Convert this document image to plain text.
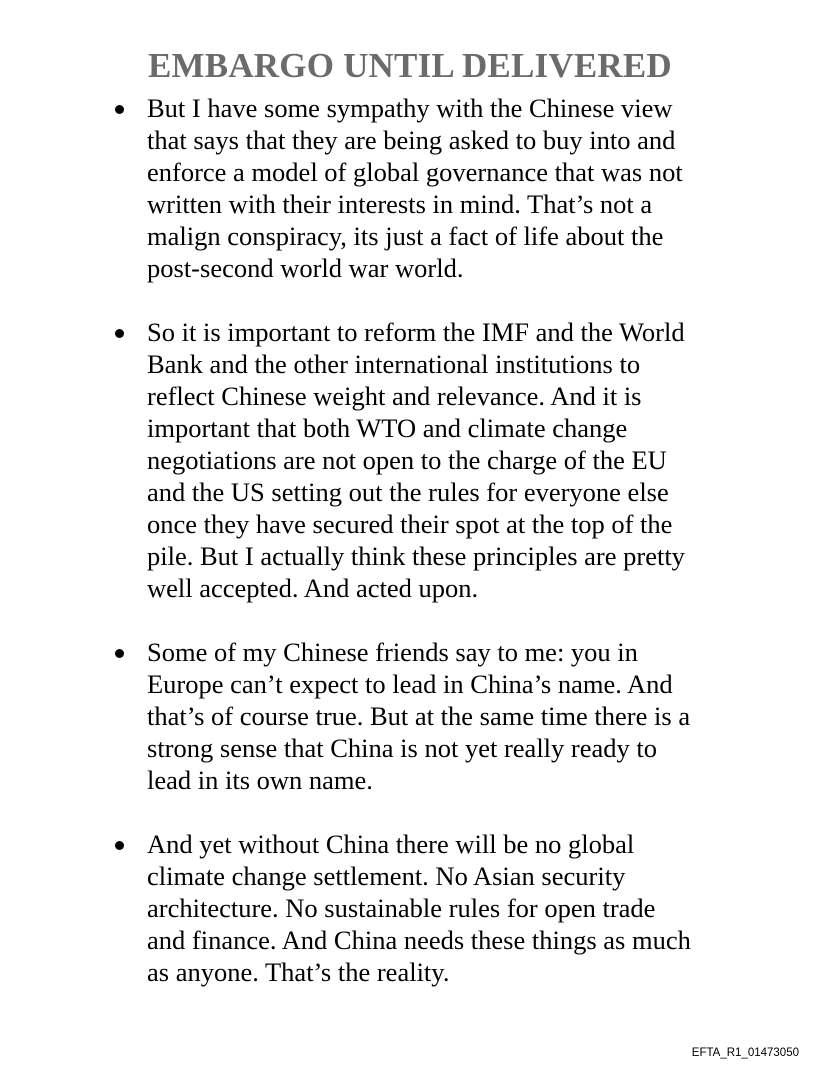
EMBARGO UNTIL DELIVERED

But I have some sympathy with the Chinese view
that says that they are being asked to buy into and
enforce a model of global governance that was not
written with their interests in mind. That’s not a
malign conspiracy, its just a fact of life about the
post-second world war world.

So it is important to reform the IMF and the World
Bank and the other international institutions to
reflect Chinese weight and relevance. And it is
important that both WTO and climate change
negotiations are not open to the charge of the EU
and the US setting out the rules for everyone else
once they have secured their spot at the top of the
pile. But I actually think these principles are pretty
well accepted. And acted upon.

Some of my Chinese friends say to me: you in
Europe can’t expect to lead in China’s name. And
that’s of course true. But at the same time there is a
strong sense that China is not yet really ready to
lead in its own name.

And yet without China there will be no global
climate change settlement. No Asian security
architecture. No sustainable rules for open trade
and finance. And China needs these things as much
as anyone. That’s the reality.

EFTA_R1_01473050
